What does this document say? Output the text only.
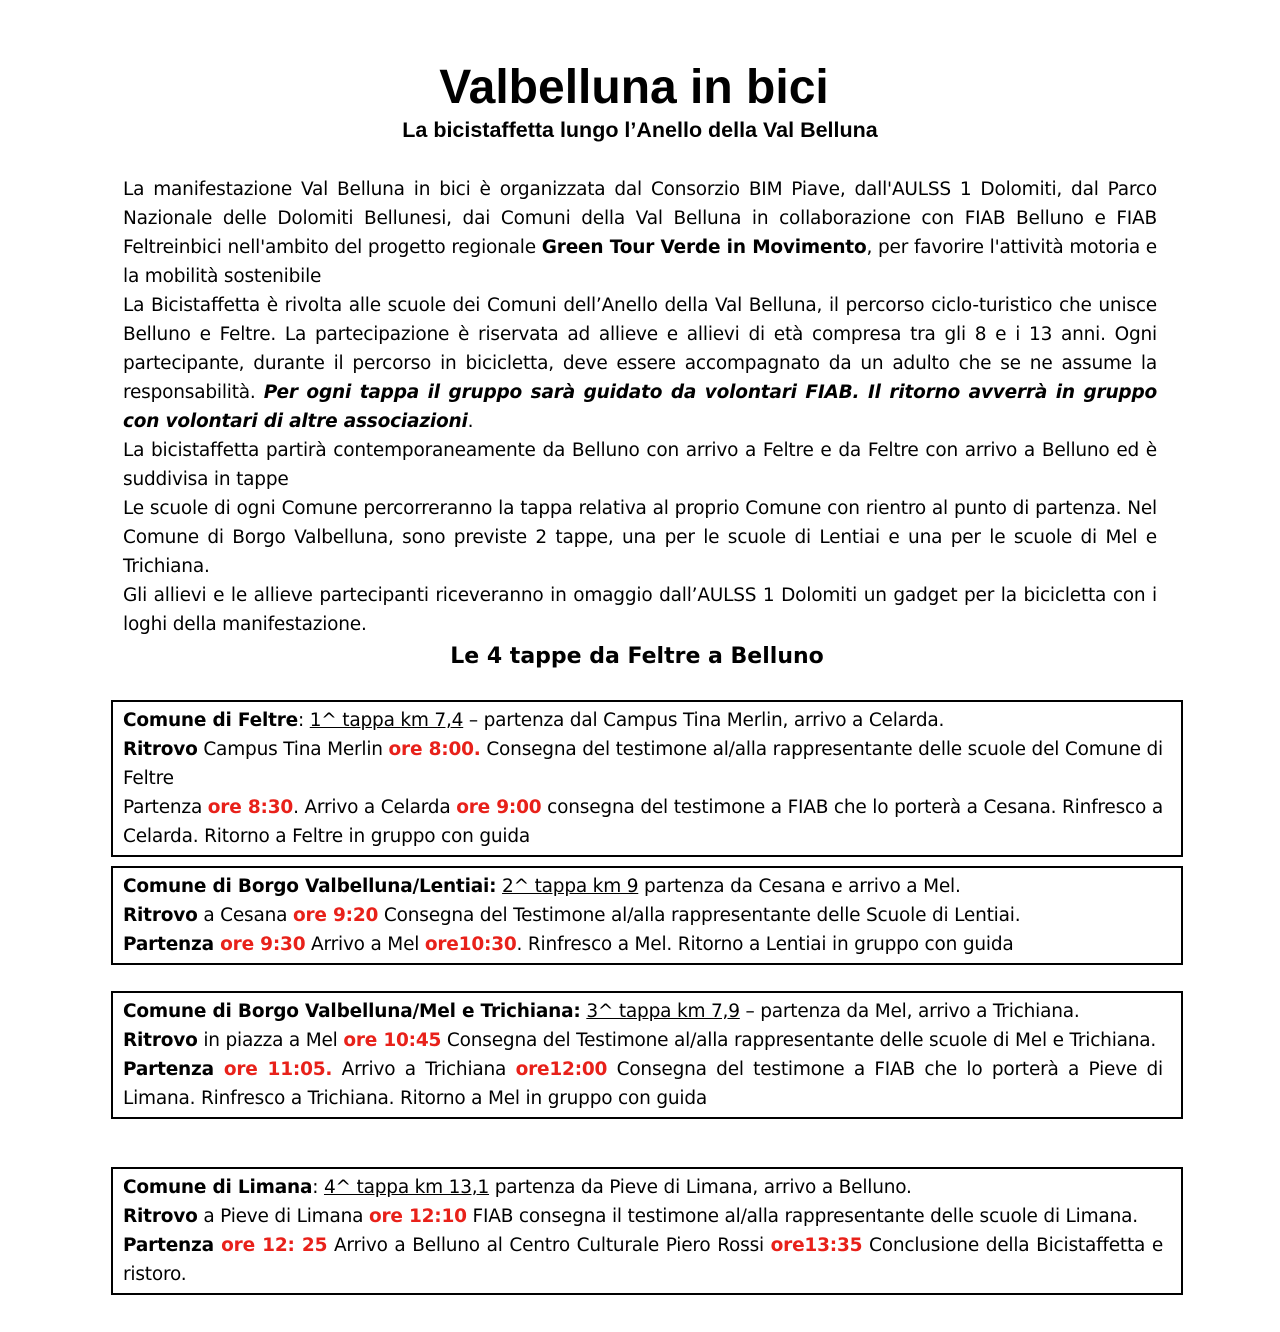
Valbelluna in bici
La bicistaffetta lungo l’Anello della Val Belluna

La manifestazione Val Belluna in bici è organizzata dal Consorzio BIM Piave, dall'AULSS 1 Dolomiti, dal Parco Nazionale delle Dolomiti Bellunesi, dai Comuni della Val Belluna in collaborazione con FIAB Belluno e FIAB Feltreinbici nell'ambito del progetto regionale Green Tour Verde in Movimento, per favorire l'attività motoria e la mobilità sostenibile

La Bicistaffetta è rivolta alle scuole dei Comuni dell’Anello della Val Belluna, il percorso ciclo-turistico che unisce Belluno e Feltre. La partecipazione è riservata ad allieve e allievi di età compresa tra gli 8 e i 13 anni. Ogni partecipante, durante il percorso in bicicletta, deve essere accompagnato da un adulto che se ne assume la responsabilità. Per ogni tappa il gruppo sarà guidato da volontari FIAB. Il ritorno avverrà in gruppo con volontari di altre associazioni.

La bicistaffetta partirà contemporaneamente da Belluno con arrivo a Feltre e da Feltre con arrivo a Belluno ed è suddivisa in tappe

Le scuole di ogni Comune percorreranno la tappa relativa al proprio Comune con rientro al punto di partenza. Nel Comune di Borgo Valbelluna, sono previste 2 tappe, una per le scuole di Lentiai e una per le scuole di Mel e Trichiana.

Gli allievi e le allieve partecipanti riceveranno in omaggio dall’AULSS 1 Dolomiti un gadget per la bicicletta con i loghi della manifestazione.

Le 4 tappe da Feltre a Belluno

Comune di Feltre: 1^ tappa km 7,4 – partenza dal Campus Tina Merlin, arrivo a Celarda.

Ritrovo Campus Tina Merlin ore 8:00. Consegna del testimone al/alla rappresentante delle scuole del Comune di Feltre

Partenza ore 8:30. Arrivo a Celarda ore 9:00 consegna del testimone a FIAB che lo porterà a Cesana. Rinfresco a Celarda. Ritorno a Feltre in gruppo con guida

Comune di Borgo Valbelluna/Lentiai: 2^ tappa km 9 partenza da Cesana e arrivo a Mel.

Ritrovo a Cesana ore 9:20 Consegna del Testimone al/alla rappresentante delle Scuole di Lentiai.

Partenza ore 9:30 Arrivo a Mel ore10:30. Rinfresco a Mel. Ritorno a Lentiai in gruppo con guida

Comune di Borgo Valbelluna/Mel e Trichiana: 3^ tappa km 7,9 – partenza da Mel, arrivo a Trichiana.

Ritrovo in piazza a Mel ore 10:45 Consegna del Testimone al/alla rappresentante delle scuole di Mel e Trichiana.

Partenza ore 11:05. Arrivo a Trichiana ore12:00 Consegna del testimone a FIAB che lo porterà a Pieve di Limana. Rinfresco a Trichiana. Ritorno a Mel in gruppo con guida

Comune di Limana: 4^ tappa km 13,1 partenza da Pieve di Limana, arrivo a Belluno.

Ritrovo a Pieve di Limana ore 12:10 FIAB consegna il testimone al/alla rappresentante delle scuole di Limana.

Partenza ore 12: 25 Arrivo a Belluno al Centro Culturale Piero Rossi ore13:35 Conclusione della Bicistaffetta e ristoro.
